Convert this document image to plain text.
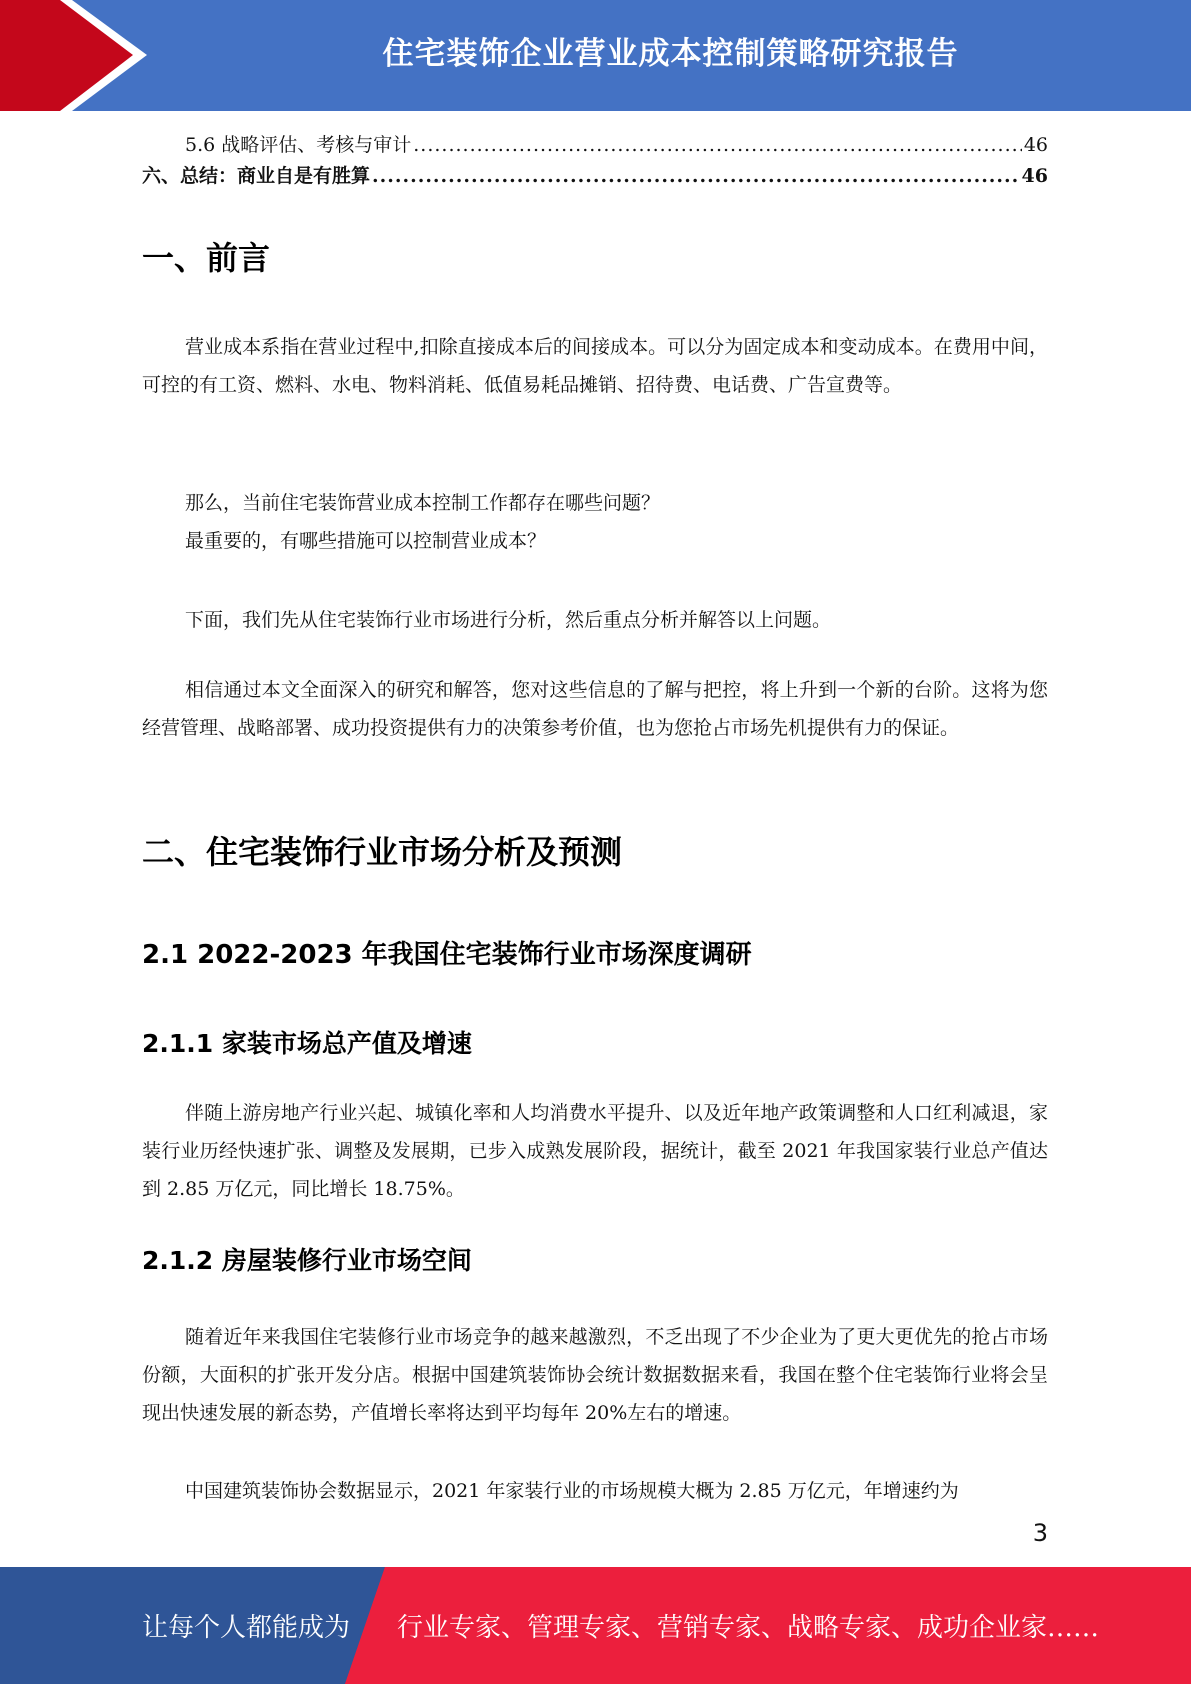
住宅装饰企业营业成本控制策略研究报告
5.6 战略评估、考核与审计 .....	46
六、总结：商业自是有胜算 .....	46
一、前言
营业成本系指在营业过程中,扣除直接成本后的间接成本。可以分为固定成本和变动成本。在费用中间，可控的有工资、燃料、水电、物料消耗、低值易耗品摊销、招待费、电话费、广告宣费等。
那么，当前住宅装饰营业成本控制工作都存在哪些问题？
最重要的，有哪些措施可以控制营业成本？
下面，我们先从住宅装饰行业市场进行分析，然后重点分析并解答以上问题。
相信通过本文全面深入的研究和解答，您对这些信息的了解与把控，将上升到一个新的台阶。这将为您经营管理、战略部署、成功投资提供有力的决策参考价值，也为您抢占市场先机提供有力的保证。
二、住宅装饰行业市场分析及预测
2.1 2022-2023 年我国住宅装饰行业市场深度调研
2.1.1 家装市场总产值及增速
伴随上游房地产行业兴起、城镇化率和人均消费水平提升、以及近年地产政策调整和人口红利减退，家装行业历经快速扩张、调整及发展期，已步入成熟发展阶段，据统计，截至 2021 年我国家装行业总产值达到 2.85 万亿元，同比增长 18.75%。
2.1.2 房屋装修行业市场空间
随着近年来我国住宅装修行业市场竞争的越来越激烈，不乏出现了不少企业为了更大更优先的抢占市场份额，大面积的扩张开发分店。根据中国建筑装饰协会统计数据数据来看，我国在整个住宅装饰行业将会呈现出快速发展的新态势，产值增长率将达到平均每年 20%左右的增速。
中国建筑装饰协会数据显示，2021 年家装行业的市场规模大概为 2.85 万亿元，年增速约为
3
让每个人都能成为 行业专家、管理专家、营销专家、战略专家、成功企业家……
